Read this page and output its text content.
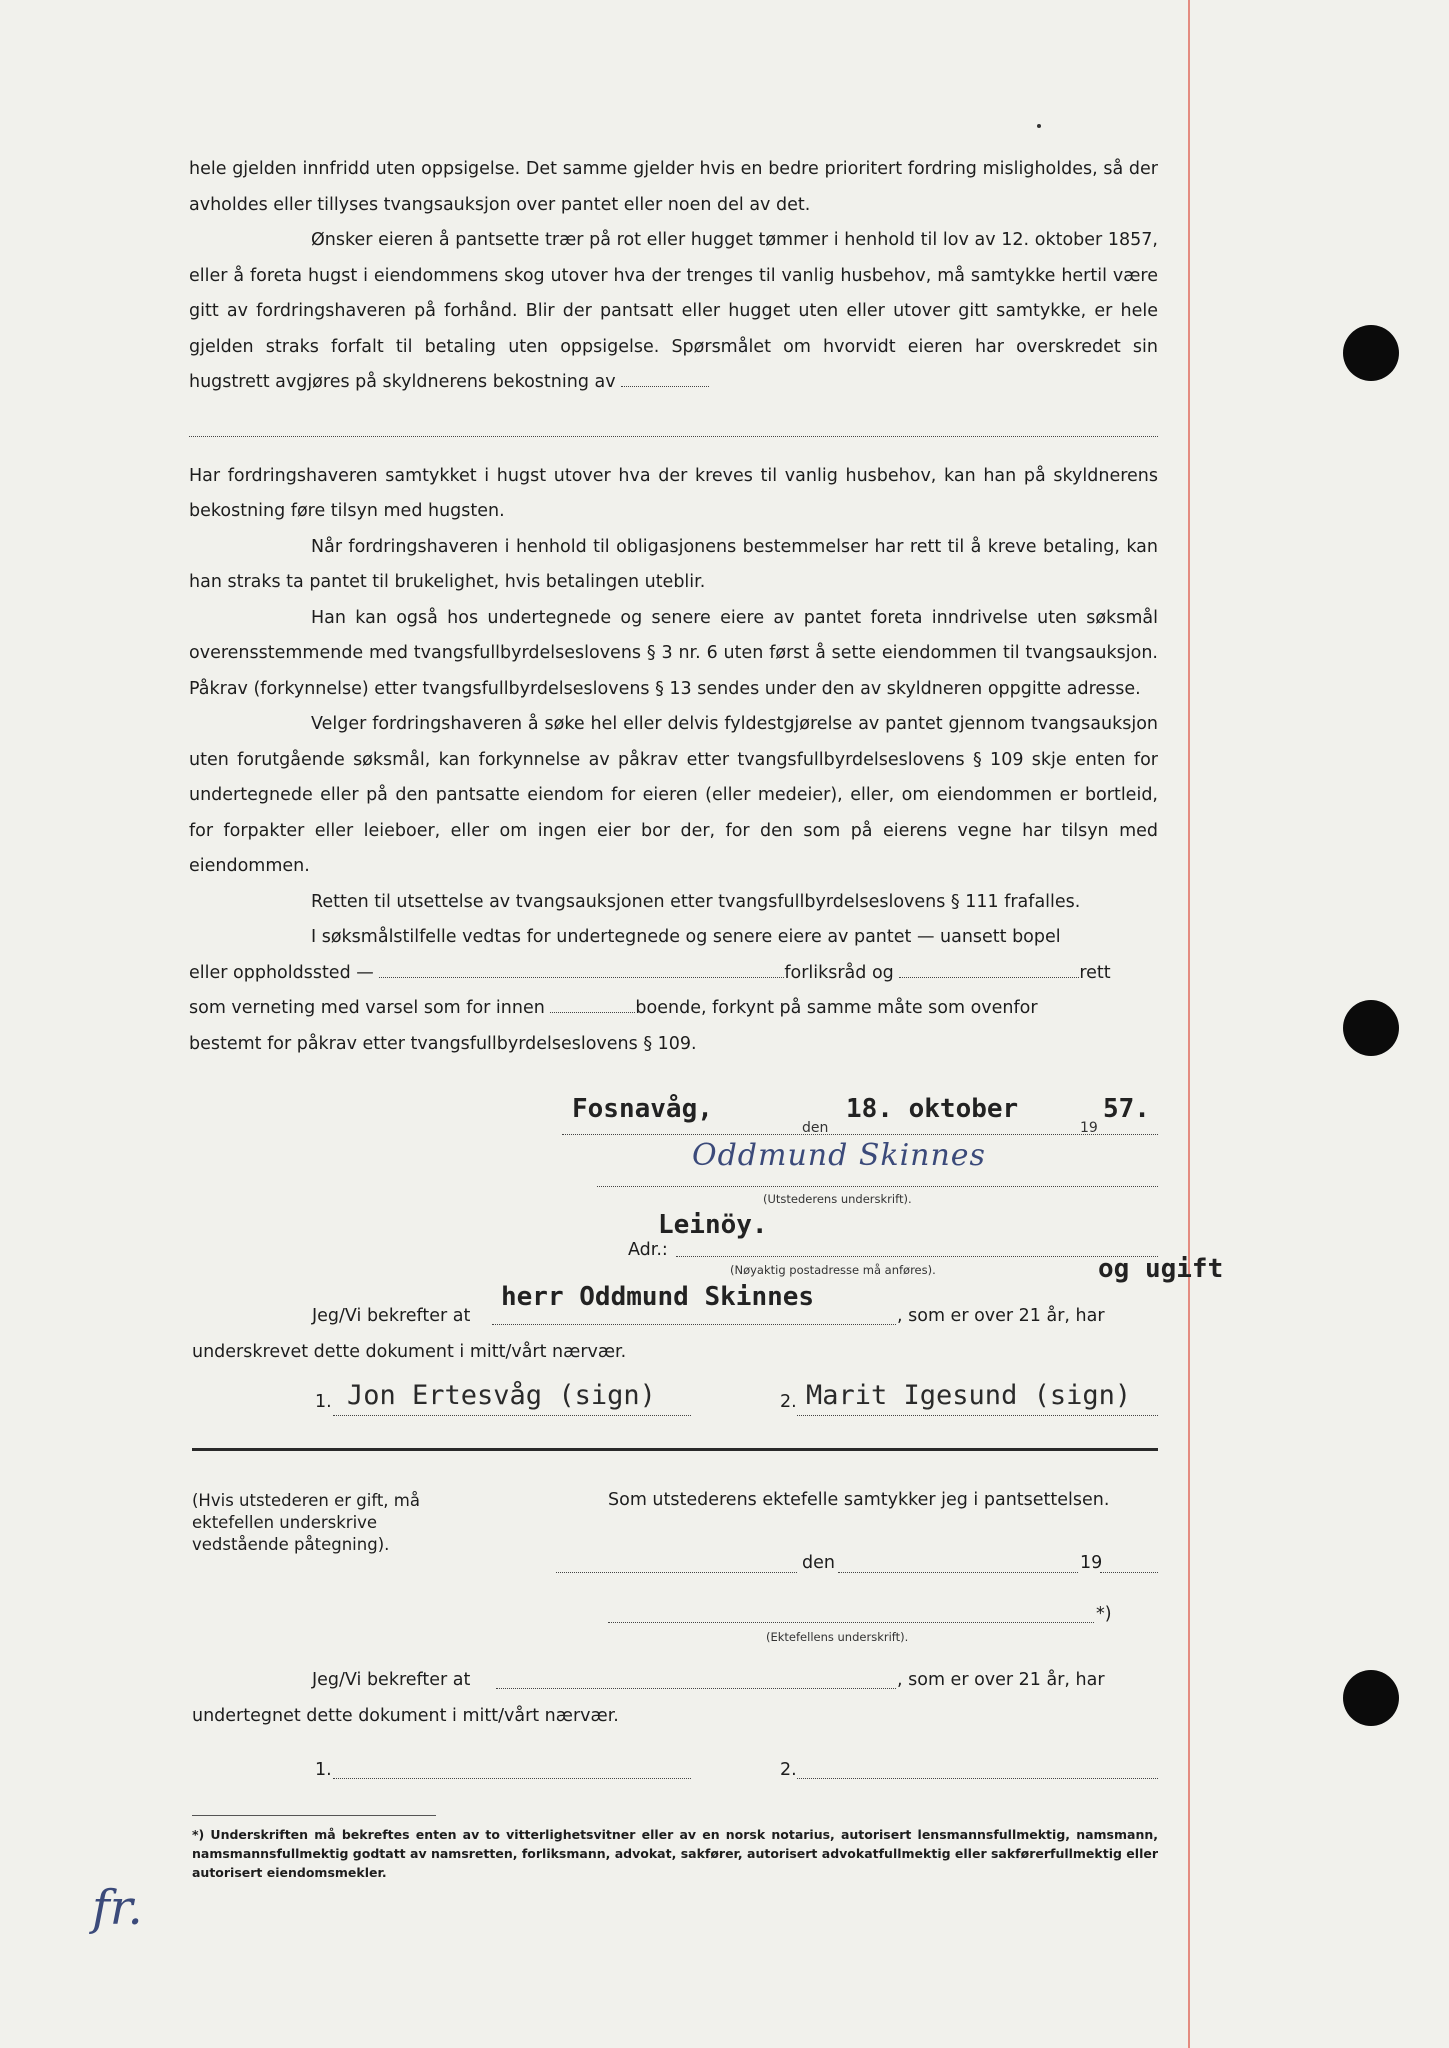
hele gjelden innfridd uten oppsigelse. Det samme gjelder hvis en bedre prioritert fordring misligholdes, så der avholdes eller tillyses tvangsauksjon over pantet eller noen del av det.

Ønsker eieren å pantsette trær på rot eller hugget tømmer i henhold til lov av 12. oktober 1857, eller å foreta hugst i eiendommens skog utover hva der trenges til vanlig husbehov, må samtykke hertil være gitt av fordringshaveren på forhånd. Blir der pantsatt eller hugget uten eller utover gitt samtykke, er hele gjelden straks forfalt til betaling uten oppsigelse. Spørsmålet om hvorvidt eieren har overskredet sin hugstrett avgjøres på skyldnerens bekostning av

Har fordringshaveren samtykket i hugst utover hva der kreves til vanlig husbehov, kan han på skyldnerens bekostning føre tilsyn med hugsten.

Når fordringshaveren i henhold til obligasjonens bestemmelser har rett til å kreve betaling, kan han straks ta pantet til brukelighet, hvis betalingen uteblir.

Han kan også hos undertegnede og senere eiere av pantet foreta inndrivelse uten søksmål overensstemmende med tvangsfullbyrdelseslovens § 3 nr. 6 uten først å sette eiendommen til tvangsauksjon. Påkrav (forkynnelse) etter tvangsfullbyrdelseslovens § 13 sendes under den av skyldneren oppgitte adresse.

Velger fordringshaveren å søke hel eller delvis fyldestgjørelse av pantet gjennom tvangsauksjon uten forutgående søksmål, kan forkynnelse av påkrav etter tvangsfullbyrdelseslovens § 109 skje enten for undertegnede eller på den pantsatte eiendom for eieren (eller medeier), eller, om eiendommen er bortleid, for forpakter eller leieboer, eller om ingen eier bor der, for den som på eierens vegne har tilsyn med eiendommen.

Retten til utsettelse av tvangsauksjonen etter tvangsfullbyrdelseslovens § 111 frafalles.

I søksmålstilfelle vedtas for undertegnede og senere eiere av pantet — uansett bopel

eller oppholdssted —	forliksråd og	rett

som verneting med varsel som for innen	boende, forkynt på samme måte som ovenfor

bestemt for påkrav etter tvangsfullbyrdelseslovens § 109.

Fosnavåg,
den
18. oktober
19
57.
Oddmund Skinnes
(Utstederens underskrift).
Leinöy.
Adr.:
(Nøyaktig postadresse må anføres).	og ugift
herr Oddmund Skinnes
Jeg/Vi bekrefter at	, som er over 21 år, har
underskrevet dette dokument i mitt/vårt nærvær.
1. Jon Ertesvåg (sign)	2. Marit Igesund (sign)
(Hvis utstederen er gift, må ektefellen underskrive vedstående påtegning).
Som utstederens ektefelle samtykker jeg i pantsettelsen.
den	19
*)
(Ektefellens underskrift).
Jeg/Vi bekrefter at	, som er over 21 år, har
undertegnet dette dokument i mitt/vårt nærvær.
1.	2.
*) Underskriften må bekreftes enten av to vitterlighetsvitner eller av en norsk notarius, autorisert lensmannsfullmektig, namsmann, namsmannsfullmektig godtatt av namsretten, forliksmann, advokat, sakfører, autorisert advokatfullmektig eller sakførerfullmektig eller autorisert eiendomsmekler.
fr.
